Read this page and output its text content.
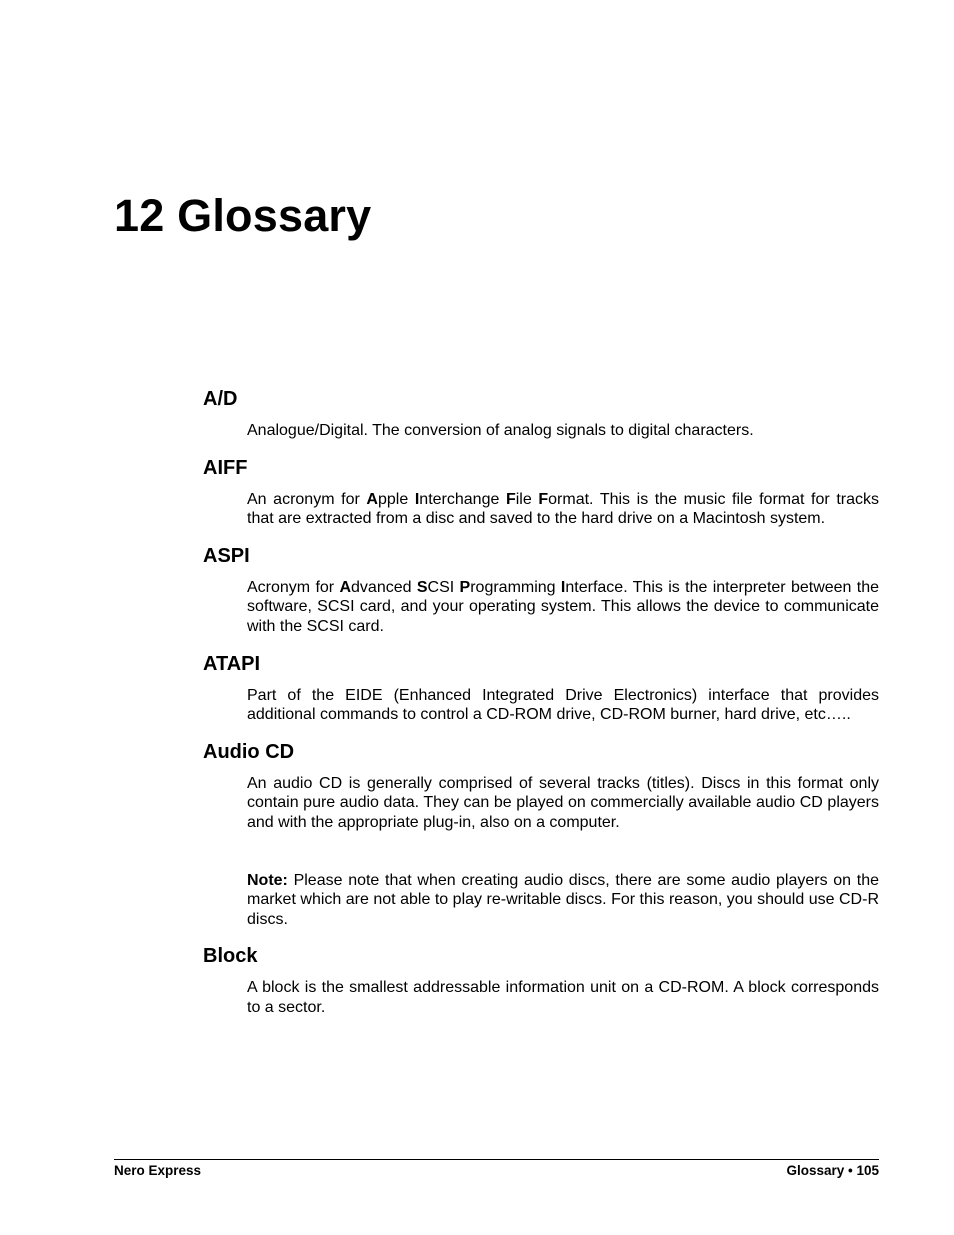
12 Glossary
A/D

Analogue/Digital. The conversion of analog signals to digital characters.

AIFF

An acronym for Apple Interchange File Format. This is the music file format for tracks that are extracted from a disc and saved to the hard drive on a Macintosh system.

ASPI

Acronym for Advanced SCSI Programming Interface. This is the interpreter between the software, SCSI card, and your operating system. This allows the device to communicate with the SCSI card.

ATAPI

Part of the EIDE (Enhanced Integrated Drive Electronics) interface that provides additional commands to control a CD-ROM drive, CD-ROM burner, hard drive, etc…..

Audio CD

An audio CD is generally comprised of several tracks (titles). Discs in this format only contain pure audio data. They can be played on commercially available audio CD players and with the appropriate plug-in, also on a computer.

Note: Please note that when creating audio discs, there are some audio players on the market which are not able to play re-writable discs. For this reason, you should use CD-R discs.

Block

A block is the smallest addressable information unit on a CD-ROM. A block corresponds to a sector.

Nero Express	Glossary • 105
